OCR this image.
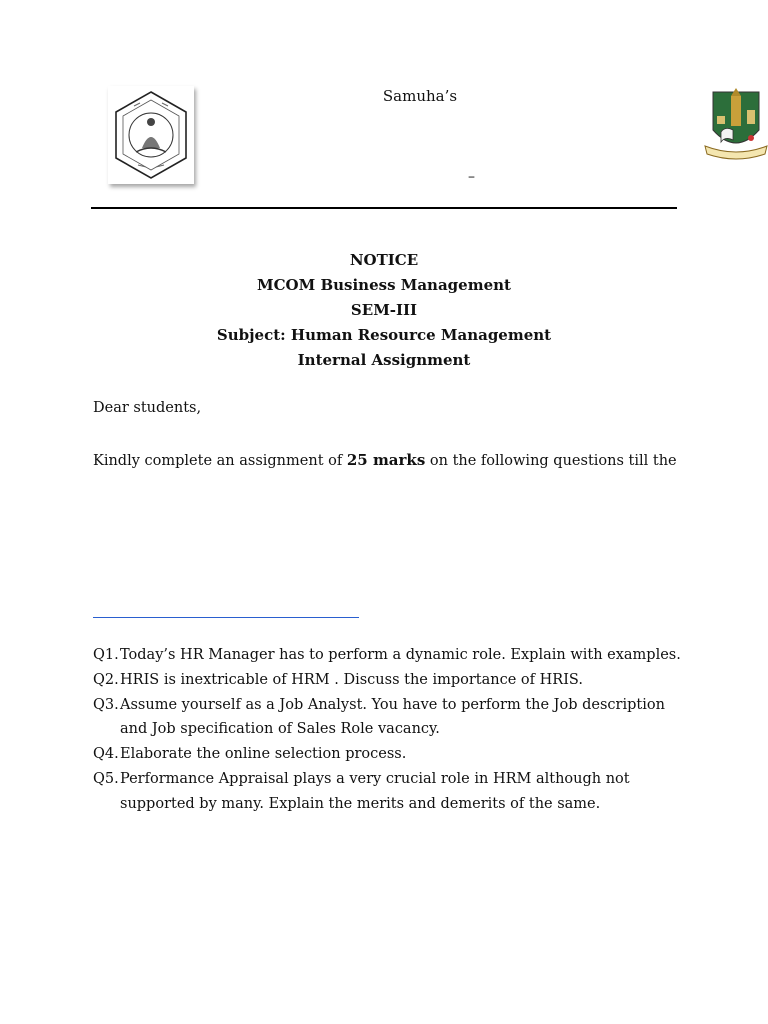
Samuha’s
–
NOTICE
MCOM Business Management
SEM-III
Subject: Human Resource Management
Internal Assignment
Dear students,
Kindly complete an assignment of 25 marks on the following questions till the
Q1. Today’s HR Manager has to perform a dynamic role. Explain with examples.
Q2. HRIS is inextricable of HRM . Discuss the importance of HRIS.
Q3. Assume yourself as a Job Analyst. You have to perform the Job description and Job specification of Sales Role vacancy.
Q4. Elaborate the online selection process.
Q5. Performance Appraisal plays a very crucial role in HRM although not supported by many. Explain the merits and demerits of the same.
